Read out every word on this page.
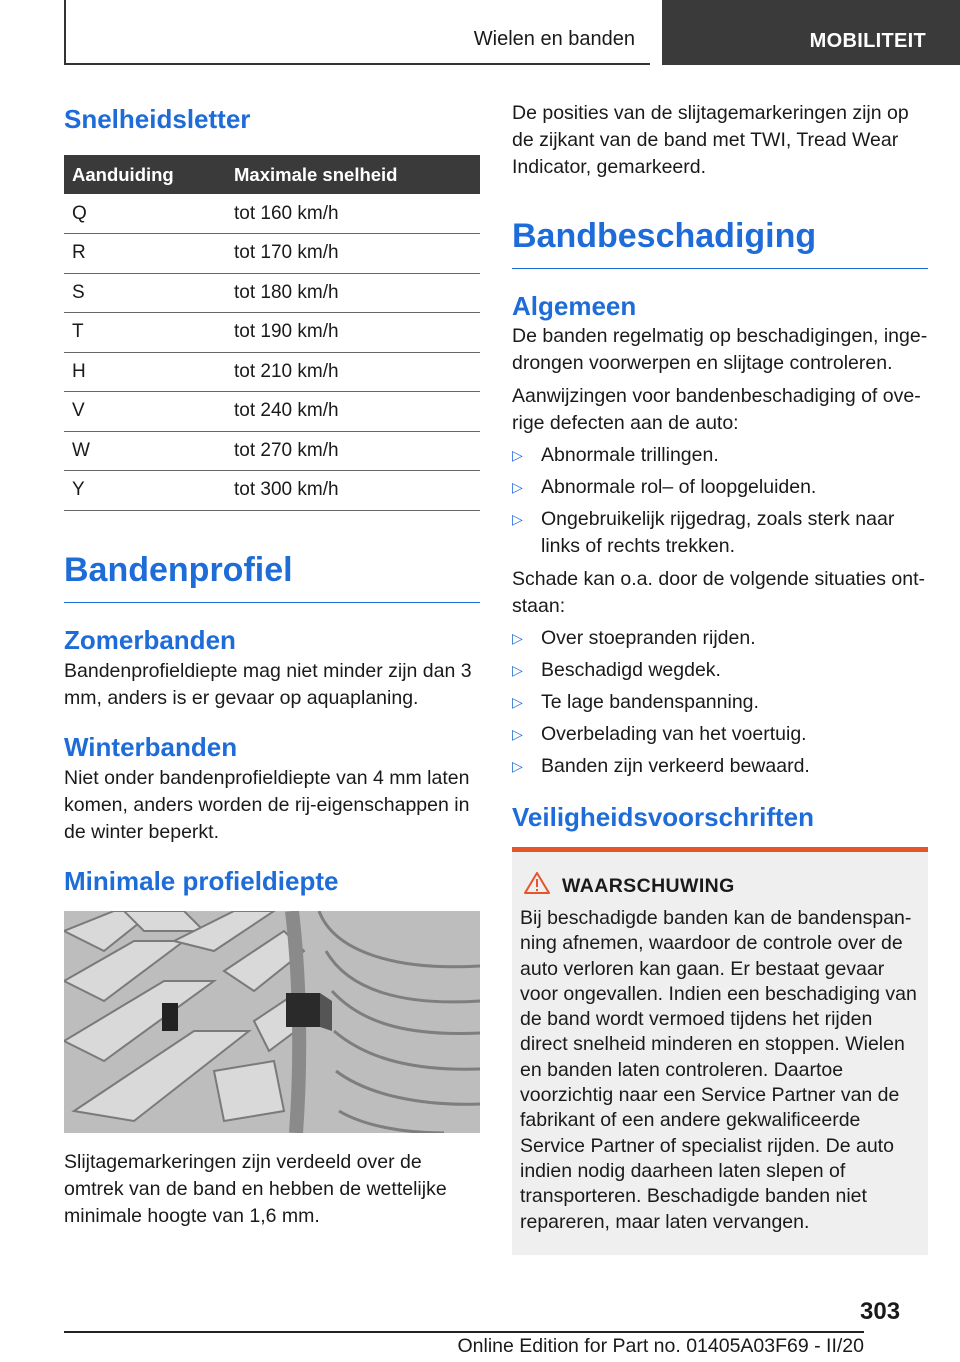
Wielen en banden	MOBILITEIT
Snelheidsletter
Aanduiding	Maximale snelheid
Q	tot 160 km/h
R	tot 170 km/h
S	tot 180 km/h
T	tot 190 km/h
H	tot 210 km/h
V	tot 240 km/h
W	tot 270 km/h
Y	tot 300 km/h
Bandenprofiel
Zomerbanden

Bandenprofieldiepte mag niet minder zijn dan 3 mm, anders is er gevaar op aquaplaning.

Winterbanden

Niet onder bandenprofieldiepte van 4 mm laten komen, anders worden de rij‑eigenschappen in de winter beperkt.

Minimale profieldiepte

Slijtagemarkeringen zijn verdeeld over de omtrek van de band en hebben de wettelijke minimale hoogte van 1,6 mm.

De posities van de slijtagemarkeringen zijn op de zijkant van de band met TWI, Tread Wear Indicator, gemarkeerd.

Bandbeschadiging
Algemeen

De banden regelmatig op beschadigingen, ingedrongen voorwerpen en slijtage controleren.

Aanwijzingen voor bandenbeschadiging of overige defecten aan de auto:

▷ Abnormale trillingen.
▷ Abnormale rol– of loopgeluiden.
▷ Ongebruikelijk rijgedrag, zoals sterk naar links of rechts trekken.

Schade kan o.a. door de volgende situaties ontstaan:

▷ Over stoepranden rijden.
▷ Beschadigd wegdek.
▷ Te lage bandenspanning.
▷ Overbelading van het voertuig.
▷ Banden zijn verkeerd bewaard.
Veiligheidsvoorschriften
WAARSCHUWING

Bij beschadigde banden kan de bandenspanning afnemen, waardoor de controle over de auto verloren kan gaan. Er bestaat gevaar voor ongevallen. Indien een beschadiging van de band wordt vermoed tijdens het rijden direct snelheid minderen en stoppen. Wielen en banden laten controleren. Daartoe voorzichtig naar een Service Partner van de fabrikant of een andere gekwalificeerde Service Partner of specialist rijden. De auto indien nodig daarheen laten slepen of transporteren. Beschadigde banden niet repareren, maar laten vervangen.

303
Online Edition for Part no. 01405A03F69 - II/20
